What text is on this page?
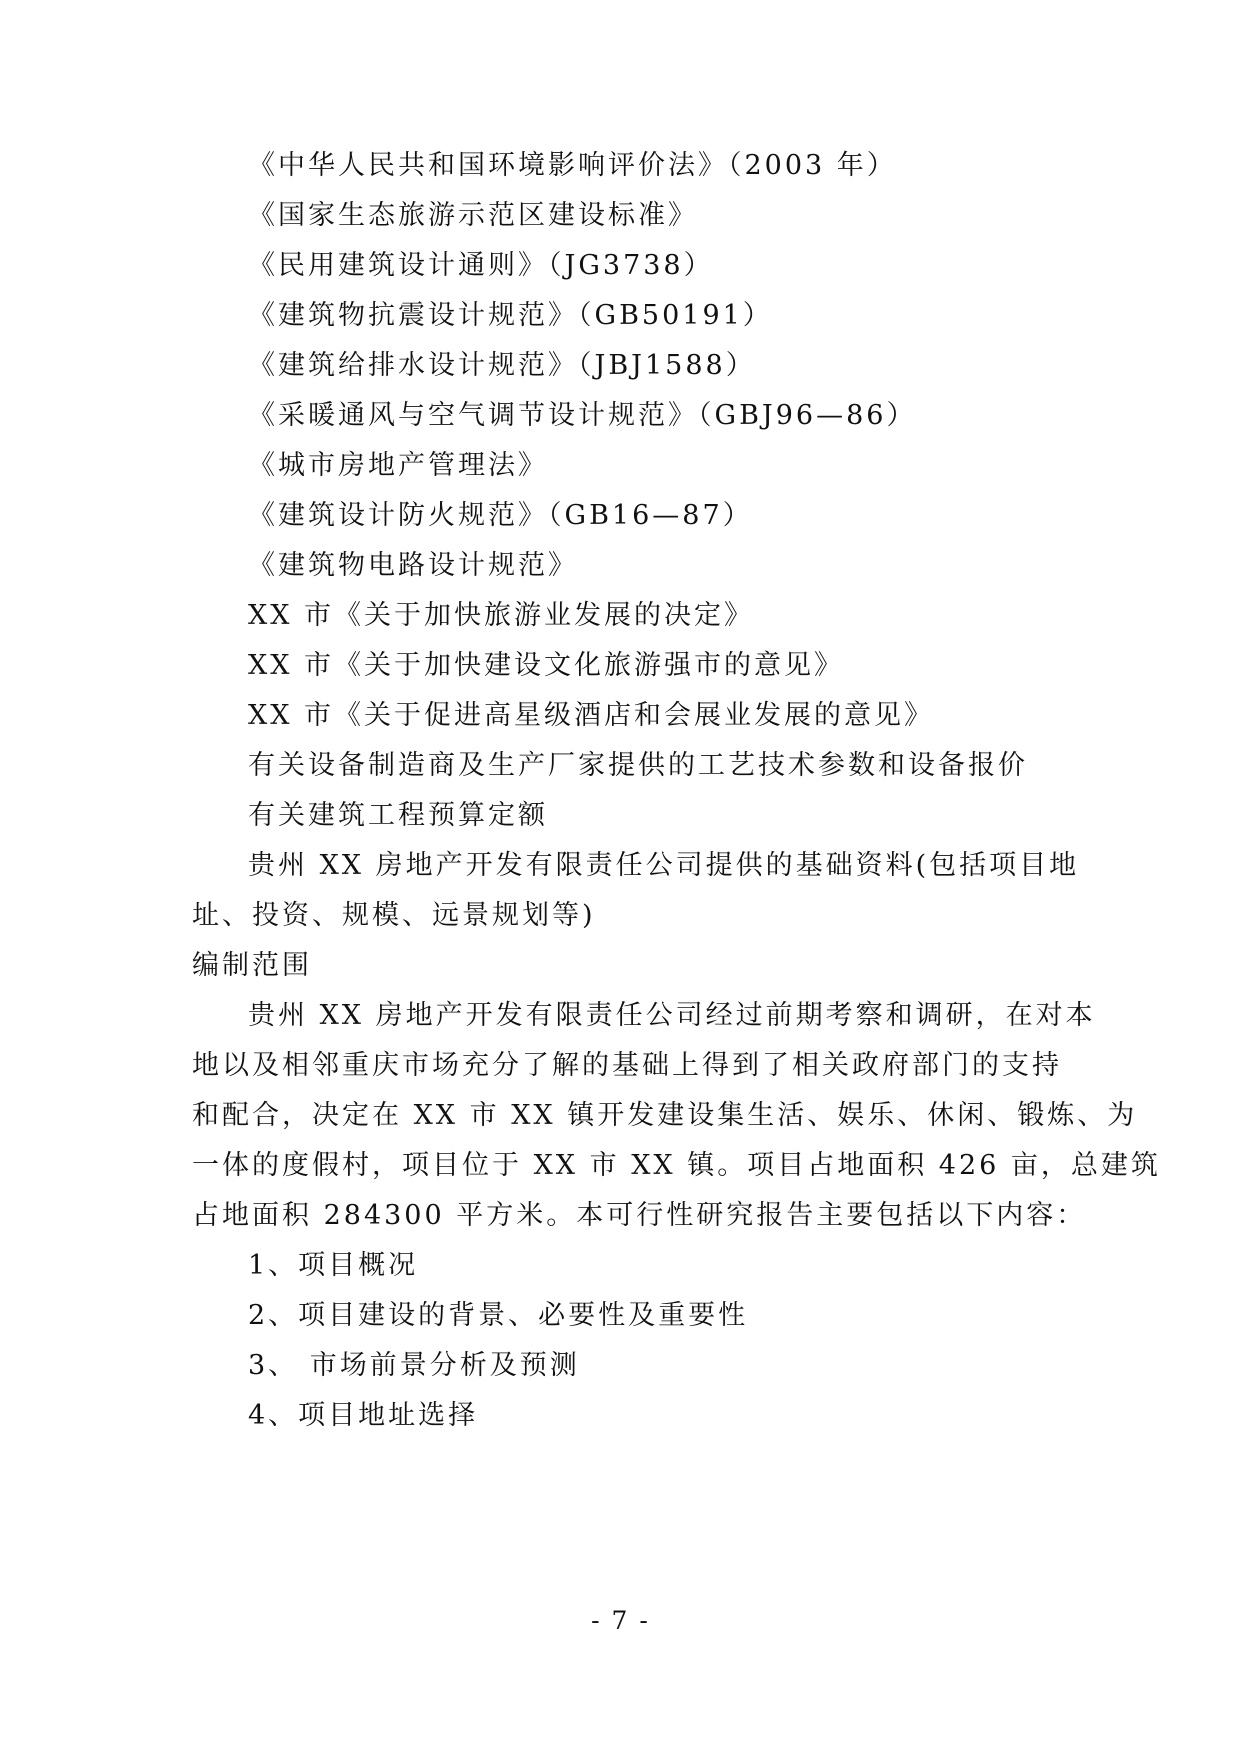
《中华人民共和国环境影响评价法》（2003 年）
《国家生态旅游示范区建设标准》
《民用建筑设计通则》（JG3738）
《建筑物抗震设计规范》（GB50191）
《建筑给排水设计规范》（JBJ1588）
《采暖通风与空气调节设计规范》（GBJ96—86）
《城市房地产管理法》
《建筑设计防火规范》（GB16—87）
《建筑物电路设计规范》
XX 市《关于加快旅游业发展的决定》
XX 市《关于加快建设文化旅游强市的意见》
XX 市《关于促进高星级酒店和会展业发展的意见》
有关设备制造商及生产厂家提供的工艺技术参数和设备报价
有关建筑工程预算定额
贵州 XX 房地产开发有限责任公司提供的基础资料(包括项目地
址、投资、规模、远景规划等)
编制范围
贵州 XX 房地产开发有限责任公司经过前期考察和调研，在对本
地以及相邻重庆市场充分了解的基础上得到了相关政府部门的支持
和配合，决定在 XX 市 XX 镇开发建设集生活、娱乐、休闲、锻炼、为
一体的度假村，项目位于 XX 市 XX 镇。项目占地面积 426 亩，总建筑
占地面积 284300 平方米。本可行性研究报告主要包括以下内容：
1、项目概况
2、项目建设的背景、必要性及重要性
3、 市场前景分析及预测
4、项目地址选择
- 7 -
